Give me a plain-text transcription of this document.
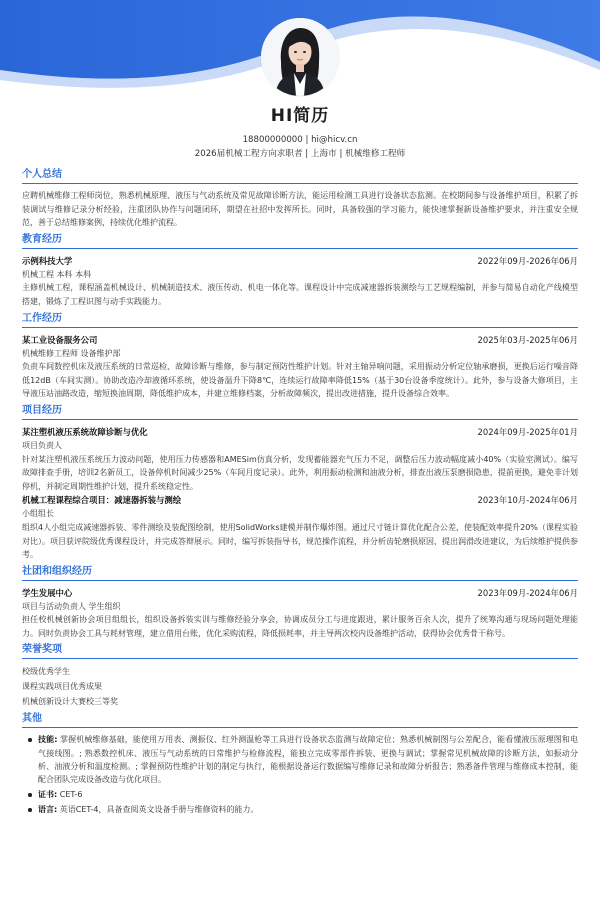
HI简历
18800000000 | hi@hicv.cn
2026届机械工程方向求职者 | 上海市 | 机械维修工程师
个人总结

应聘机械维修工程师岗位，熟悉机械原理、液压与气动系统及常见故障诊断方法，能运用检测工具进行设备状态监测。在校期间参与设备维护项目，积累了拆装调试与维修记录分析经验，注重团队协作与问题闭环，期望在社招中发挥所长。同时，具备较强的学习能力，能快速掌握新设备维护要求，并注重安全规范，善于总结维修案例，持续优化维护流程。

教育经历
示例科技大学	2022年09月-2026年06月
机械工程 本科 本科

主修机械工程，课程涵盖机械设计、机械制造技术、液压传动、机电一体化等。课程设计中完成减速器拆装测绘与工艺规程编制，并参与简易自动化产线模型搭建，锻炼了工程识图与动手实践能力。

工作经历
某工业设备服务公司	2025年03月-2025年06月
机械维修工程师 设备维护部

负责车间数控机床及液压系统的日常巡检、故障诊断与维修，参与制定预防性维护计划。针对主轴异响问题，采用振动分析定位轴承磨损，更换后运行噪音降低12dB（车间实测）。协助改造冷却液循环系统，使设备温升下降8℃，连续运行故障率降低15%（基于30台设备季度统计）。此外，参与设备大修项目，主导液压站油路改造，缩短换油周期，降低维护成本，并建立维修档案，分析故障频次，提出改进措施，提升设备综合效率。

项目经历
某注塑机液压系统故障诊断与优化	2024年09月-2025年01月
项目负责人

针对某注塑机液压系统压力波动问题，使用压力传感器和AMESim仿真分析，发现蓄能器充气压力不足，调整后压力波动幅度减小40%（实验室测试）。编写故障排查手册，培训2名新员工，设备停机时间减少25%（车间月度记录）。此外，利用振动检测和油液分析，排查出液压泵磨损隐患，提前更换，避免非计划停机，并制定周期性维护计划，提升系统稳定性。

机械工程课程综合项目：减速器拆装与测绘	2023年10月-2024年06月
小组组长

组织4人小组完成减速器拆装、零件测绘及装配图绘制，使用SolidWorks建模并制作爆炸图。通过尺寸链计算优化配合公差，使装配效率提升20%（课程实验对比）。项目获评院级优秀课程设计，并完成答辩展示。同时，编写拆装指导书，规范操作流程，并分析齿轮磨损原因，提出润滑改进建议，为后续维护提供参考。

社团和组织经历
学生发展中心	2023年09月-2024年06月
项目与活动负责人 学生组织

担任校机械创新协会项目组组长，组织设备拆装实训与维修经验分享会，协调成员分工与进度跟进，累计服务百余人次，提升了统筹沟通与现场问题处理能力。同时负责协会工具与耗材管理，建立借用台账，优化采购流程，降低损耗率，并主导两次校内设备维护活动，获得协会优秀骨干称号。

荣誉奖项
校级优秀学生
课程实践项目优秀成果
机械创新设计大赛校三等奖
其他
技能: 掌握机械维修基础，能使用万用表、测振仪、红外测温枪等工具进行设备状态监测与故障定位；熟悉机械制图与公差配合，能看懂液压原理图和电气接线图。; 熟悉数控机床、液压与气动系统的日常维护与检修流程，能独立完成零部件拆装、更换与调试；掌握常见机械故障的诊断方法，如振动分析、油液分析和温度检测。; 掌握预防性维护计划的制定与执行，能根据设备运行数据编写维修记录和故障分析报告；熟悉备件管理与维修成本控制，能配合团队完成设备改造与优化项目。
证书: CET-6
语言: 英语CET-4，具备查阅英文设备手册与维修资料的能力。
